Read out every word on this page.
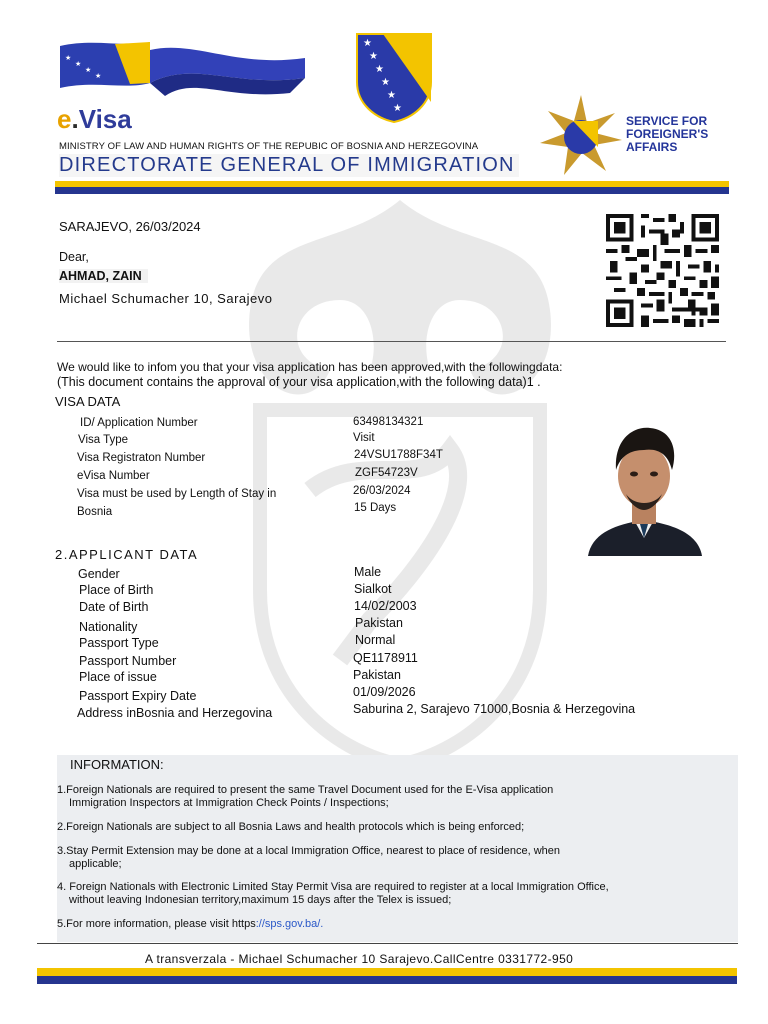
★
★
★
★
★
★
★
★
★
★
e.Visa
MINISTRY OF LAW AND HUMAN RIGHTS OF THE REPUBIC OF BOSNIA AND HERZEGOVINA
DIRECTORATE GENERAL OF IMMIGRATION
SERVICE FOR
FOREIGNER'S
AFFAIRS
SARAJEVO, 26/03/2024
Dear,
AHMAD, ZAIN
Michael Schumacher 10, Sarajevo
We would like to infom you that your visa application has been approved,with the followingdata:
(This document contains the approval of your visa application,with the following data)1 .
VISA DATA
ID/ Application Number	63498134321
Visa Type	Visit
Visa Registraton Number	24VSU1788F34T
eVisa Number	ZGF54723V
Visa must be used by Length of Stay in	26/03/2024
Bosnia	15 Days
2.APPLICANT DATA
Gender	Male
Place of Birth	Sialkot
Date of Birth	14/02/2003
Nationality	Pakistan
Passport Type	Normal
Passport Number	QE1178911
Place of issue	Pakistan
Passport Expiry Date	01/09/2026
Address inBosnia and Herzegovina	Saburina 2, Sarajevo 71000,Bosnia & Herzegovina
INFORMATION:
1.Foreign Nationals are required to present the same Travel Document used for the E-Visa application
Immigration Inspectors at Immigration Check Points / Inspections;
2.Foreign Nationals are subject to all Bosnia Laws and health protocols which is being enforced;
3.Stay Permit Extension may be done at a local Immigration Office, nearest to place of residence, when
applicable;
4. Foreign Nationals with Electronic Limited Stay Permit Visa are required to register at a local Immigration Office,
without leaving Indonesian territory,maximum 15 days after the Telex is issued;
5.For more information, please visit https://sps.gov.ba/.
A transverzala - Michael Schumacher 10 Sarajevo.CallCentre 0331772-950
